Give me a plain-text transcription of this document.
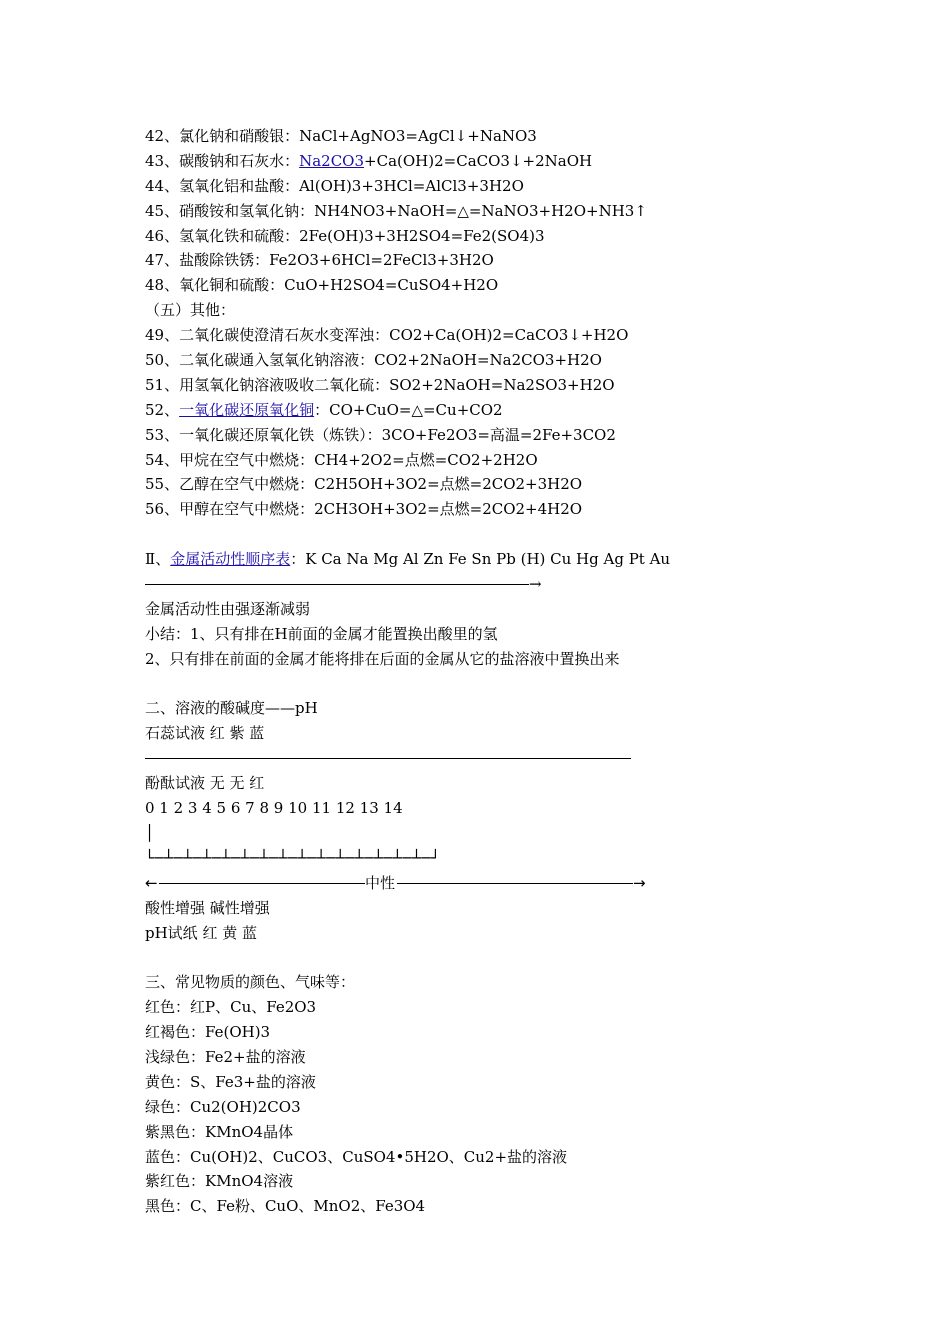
42、氯化钠和硝酸银：NaCl+AgNO3=AgCl↓+NaNO3
43、碳酸钠和石灰水：Na2CO3+Ca(OH)2=CaCO3↓+2NaOH
44、氢氧化铝和盐酸：Al(OH)3+3HCl=AlCl3+3H2O
45、硝酸铵和氢氧化钠：NH4NO3+NaOH=△=NaNO3+H2O+NH3↑
46、氢氧化铁和硫酸：2Fe(OH)3+3H2SO4=Fe2(SO4)3
47、盐酸除铁锈：Fe2O3+6HCl=2FeCl3+3H2O
48、氧化铜和硫酸：CuO+H2SO4=CuSO4+H2O
（五）其他：
49、二氧化碳使澄清石灰水变浑浊：CO2+Ca(OH)2=CaCO3↓+H2O
50、二氧化碳通入氢氧化钠溶液：CO2+2NaOH=Na2CO3+H2O
51、用氢氧化钠溶液吸收二氧化硫：SO2+2NaOH=Na2SO3+H2O
52、一氧化碳还原氧化铜：CO+CuO=△=Cu+CO2
53、一氧化碳还原氧化铁（炼铁）：3CO+Fe2O3=高温=2Fe+3CO2
54、甲烷在空气中燃烧：CH4+2O2=点燃=CO2+2H2O
55、乙醇在空气中燃烧：C2H5OH+3O2=点燃=2CO2+3H2O
56、甲醇在空气中燃烧：2CH3OH+3O2=点燃=2CO2+4H2O
Ⅱ、金属活动性顺序表：K Ca Na Mg Al Zn Fe Sn Pb (H) Cu Hg Ag Pt Au
→
金属活动性由强逐渐减弱
小结：1、只有排在H前面的金属才能置换出酸里的氢
2、只有排在前面的金属才能将排在后面的金属从它的盐溶液中置换出来
二、溶液的酸碱度——pH
石蕊试液 红 紫 蓝
酚酞试液 无 无 红
0 1 2 3 4 5 6 7 8 9 10 11 12 13 14
│
└─┴─┴─┴─┴─┴─┴─┴─┴─┴─┴─┴─┴─┴─┴─┘
←	中性	→
酸性增强 碱性增强
pH试纸 红 黄 蓝
三、常见物质的颜色、气味等：
红色：红P、Cu、Fe2O3
红褐色：Fe(OH)3
浅绿色：Fe2+盐的溶液
黄色：S、Fe3+盐的溶液
绿色：Cu2(OH)2CO3
紫黑色：KMnO4晶体
蓝色：Cu(OH)2、CuCO3、CuSO4•5H2O、Cu2+盐的溶液
紫红色：KMnO4溶液
黑色：C、Fe粉、CuO、MnO2、Fe3O4
